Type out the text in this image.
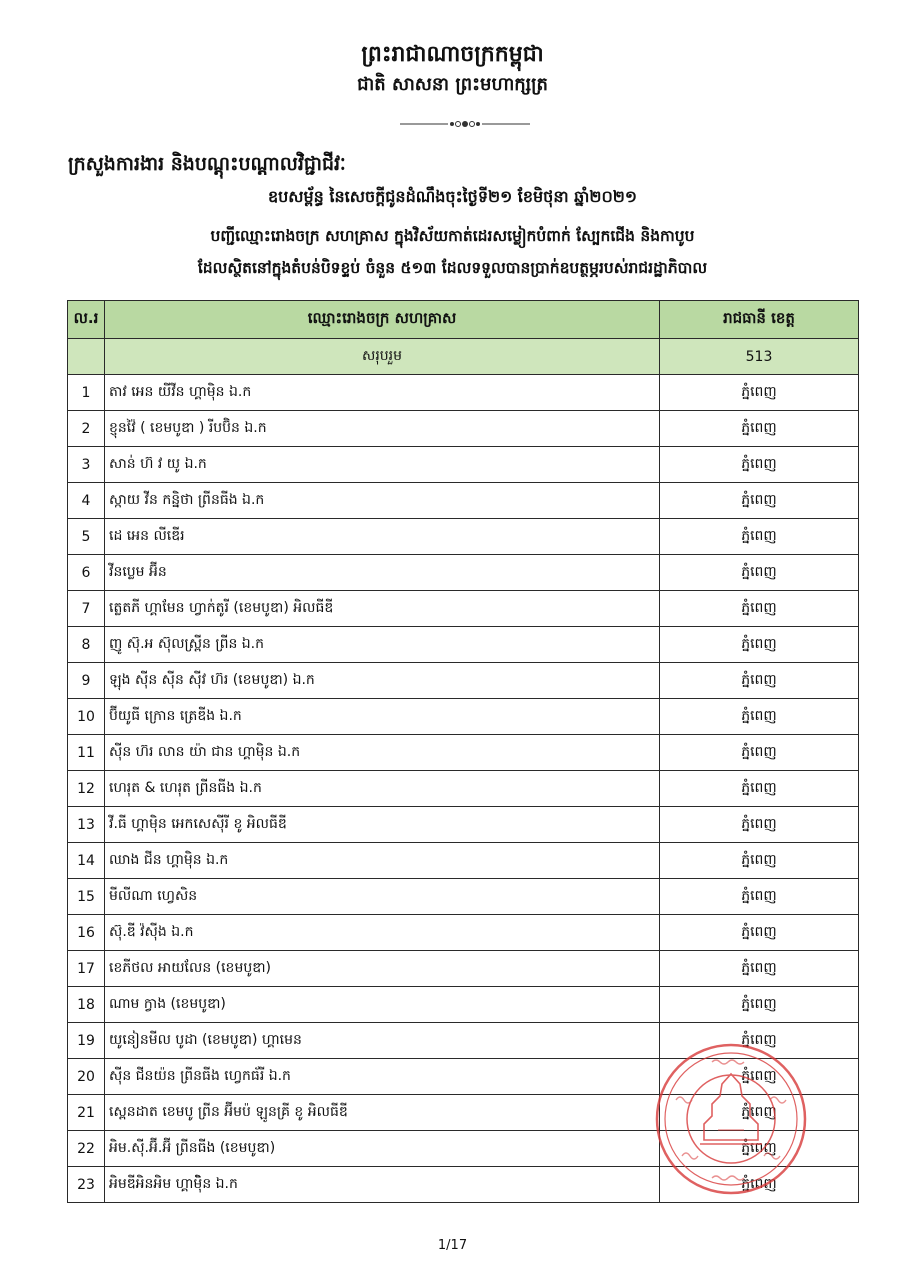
ព្រះរាជាណាចក្រកម្ពុជា
ជាតិ សាសនា ព្រះមហាក្សត្រ
ក្រសួងការងារ និងបណ្តុះបណ្តាលវិជ្ជាជីវៈ
ឧបសម្ព័ន្ធ នៃសេចក្តីជូនដំណឹងចុះថ្ងៃទី២១ ខែមិថុនា ឆ្នាំ២០២១
បញ្ជីឈ្មោះរោងចក្រ សហគ្រាស ក្នុងវិស័យកាត់ដេរសម្លៀកបំពាក់ ស្បែកជើង និងកាបូប
ដែលស្ថិតនៅក្នុងតំបន់បិទខ្ទប់ ចំនួន ៥១៣ ដែលទទួលបានប្រាក់ឧបត្ថម្ភរបស់រាជរដ្ឋាភិបាល
ល.រ	ឈ្មោះរោងចក្រ សហគ្រាស	រាជធានី ខេត្ត
	សរុបរួម	513
1	តាវ អេន យីវីន ហ្គាម៉ិន ឯ.ក	ភ្នំពេញ
2	ខ្ញុនវ៉ៃ ( ខេមបូឌា ) រីបប៊ិន ឯ.ក	ភ្នំពេញ
3	សាន់ ហ៊ វ យូ ឯ.ក	ភ្នំពេញ
4	ស្កាយ វីន កន្និថា ព្រីនធីង ឯ.ក	ភ្នំពេញ
5	ដេ អេន លីឌើរ	ភ្នំពេញ
6	វីនប្លេម អ៊ីន	ភ្នំពេញ
7	ត្លេតភី ហ្គាមែន ហ្វាក់តូរី (ខេមបូឌា) អិលធីឌី	ភ្នំពេញ
8	ញូ ស៊ុ.អ ស៊ុលស្ព្រីន ព្រីន ឯ.ក	ភ្នំពេញ
9	ឡុង ស៊ីន ស៊ីន ស៊ីវ ហ៊រ (ខេមបូឌា) ឯ.ក	ភ្នំពេញ
10	ប៊ីយូធី ក្រោន ត្រេឌីង ឯ.ក	ភ្នំពេញ
11	ស៊ីន ហ៊រ លាន យ៉ា ជាន ហ្គាម៉ិន ឯ.ក	ភ្នំពេញ
12	ហេរុត & ហេរុត ព្រីនធីង ឯ.ក	ភ្នំពេញ
13	វី.ធី ហ្គាម៉ិន អេកសេស៊ីរី ខូ អិលធីឌី	ភ្នំពេញ
14	ឈាង ជីន ហ្គាម៉ិន ឯ.ក	ភ្នំពេញ
15	មីលីណា ហ្វេសិន	ភ្នំពេញ
16	ស៊ុ.ឌី វ៉ស៊ីង ឯ.ក	ភ្នំពេញ
17	ខេភីថល អាយលែន (ខេមបូឌា)	ភ្នំពេញ
18	ណាម ក្វាង (ខេមបូឌា)	ភ្នំពេញ
19	យូនៀនមីល បូដា (ខេមបូឌា) ហ្គាមេន	ភ្នំពេញ
20	ស៊ីន ជីនយ៉ន ព្រីនធីង ហ្វេកធ័រី ឯ.ក	ភ្នំពេញ
21	ស្ពេនដាត ខេមបូ ព្រីន អ៊ីមប៉ ឡូនគ្រី ខូ អិលធីឌី	ភ្នំពេញ
22	អិម.ស៊ី.អ៊ី.អ៊ី ព្រីនធីង (ខេមបូឌា)	ភ្នំពេញ
23	អិមឌីអិនអិម ហ្គាម៉ុិន ឯ.ក	ភ្នំពេញ
1/17
